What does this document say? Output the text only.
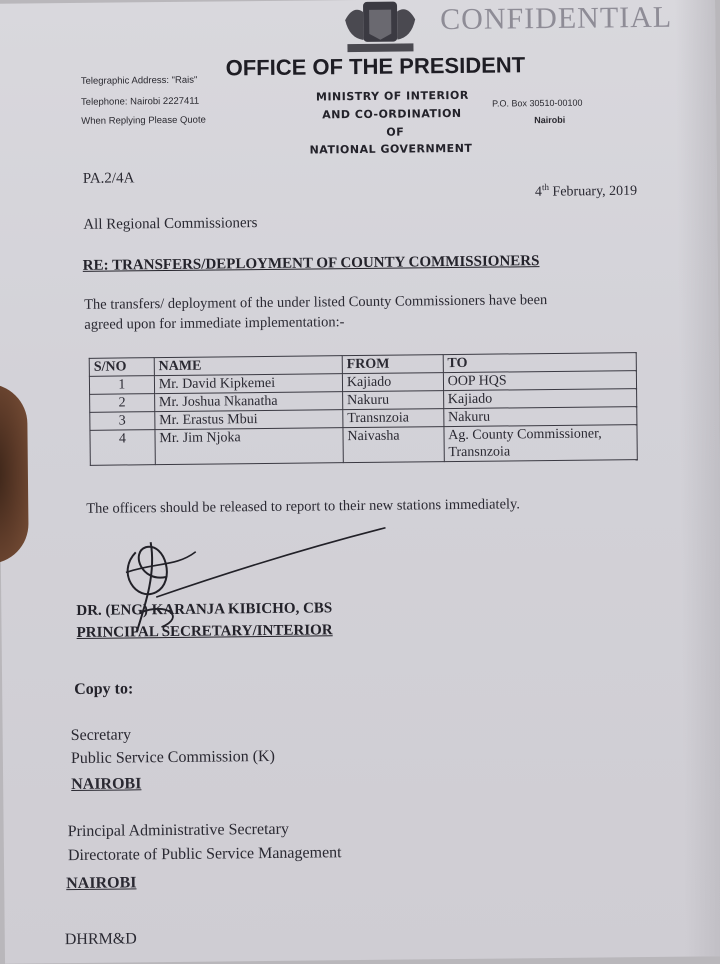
CONFIDENTIAL
OFFICE OF THE PRESIDENT
MINISTRY OF INTERIOR
AND CO-ORDINATION
OF
NATIONAL GOVERNMENT
Telegraphic Address: "Rais"
Telephone: Nairobi 2227411
When Replying Please Quote
P.O. Box 30510-00100
Nairobi
PA.2/4A
4th February, 2019
All Regional Commissioners
RE: TRANSFERS/DEPLOYMENT OF COUNTY COMMISSIONERS
The transfers/ deployment of the under listed County Commissioners have been
agreed upon for immediate implementation:-
S/NO	NAME	FROM	TO
1	Mr. David Kipkemei	Kajiado	OOP HQS
2	Mr. Joshua Nkanatha	Nakuru	Kajiado
3	Mr. Erastus Mbui	Transnzoia	Nakuru
4	Mr. Jim Njoka	Naivasha	Ag. County Commissioner, Transnzoia
The officers should be released to report to their new stations immediately.
DR. (ENG) KARANJA KIBICHO, CBS
PRINCIPAL SECRETARY/INTERIOR
Copy to:
Secretary
Public Service Commission (K)
NAIROBI
Principal Administrative Secretary
Directorate of Public Service Management
NAIROBI
DHRM&D
